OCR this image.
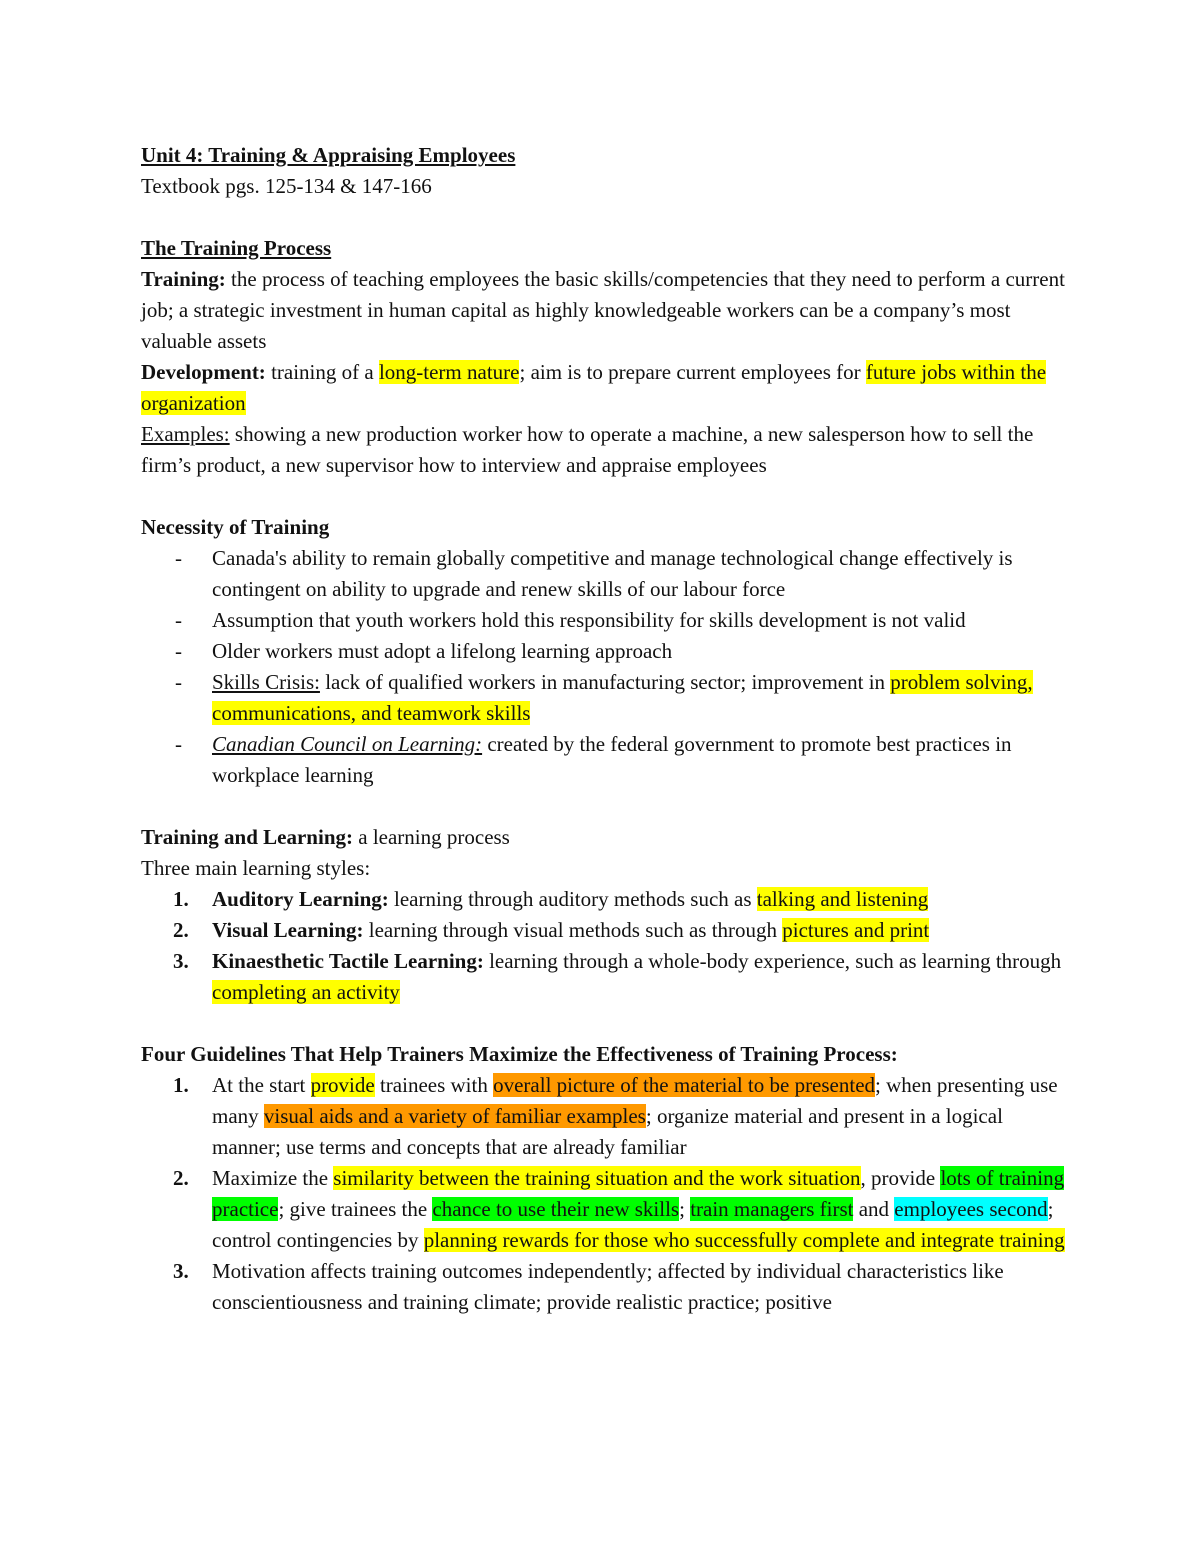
Unit 4: Training & Appraising Employees

Textbook pgs. 125-134 & 147-166

The Training Process

Training: the process of teaching employees the basic skills/competencies that they need to perform a current job; a strategic investment in human capital as highly knowledgeable workers can be a company’s most valuable assets

Development: training of a long-term nature; aim is to prepare current employees for future jobs within the organization

Examples: showing a new production worker how to operate a machine, a new salesperson how to sell the firm’s product, a new supervisor how to interview and appraise employees

Necessity of Training

- Canada's ability to remain globally competitive and manage technological change effectively is contingent on ability to upgrade and renew skills of our labour force
- Assumption that youth workers hold this responsibility for skills development is not valid
- Older workers must adopt a lifelong learning approach
- Skills Crisis: lack of qualified workers in manufacturing sector; improvement in problem solving, communications, and teamwork skills
- Canadian Council on Learning: created by the federal government to promote best practices in workplace learning

Training and Learning: a learning process

Three main learning styles:

1. Auditory Learning: learning through auditory methods such as talking and listening
2. Visual Learning: learning through visual methods such as through pictures and print
3. Kinaesthetic Tactile Learning: learning through a whole-body experience, such as learning through completing an activity

Four Guidelines That Help Trainers Maximize the Effectiveness of Training Process:

1. At the start provide trainees with overall picture of the material to be presented; when presenting use many visual aids and a variety of familiar examples; organize material and present in a logical manner; use terms and concepts that are already familiar
2. Maximize the similarity between the training situation and the work situation, provide lots of training practice; give trainees the chance to use their new skills; train managers first and employees second; control contingencies by planning rewards for those who successfully complete and integrate training
3. Motivation affects training outcomes independently; affected by individual characteristics like conscientiousness and training climate; provide realistic practice; positive
